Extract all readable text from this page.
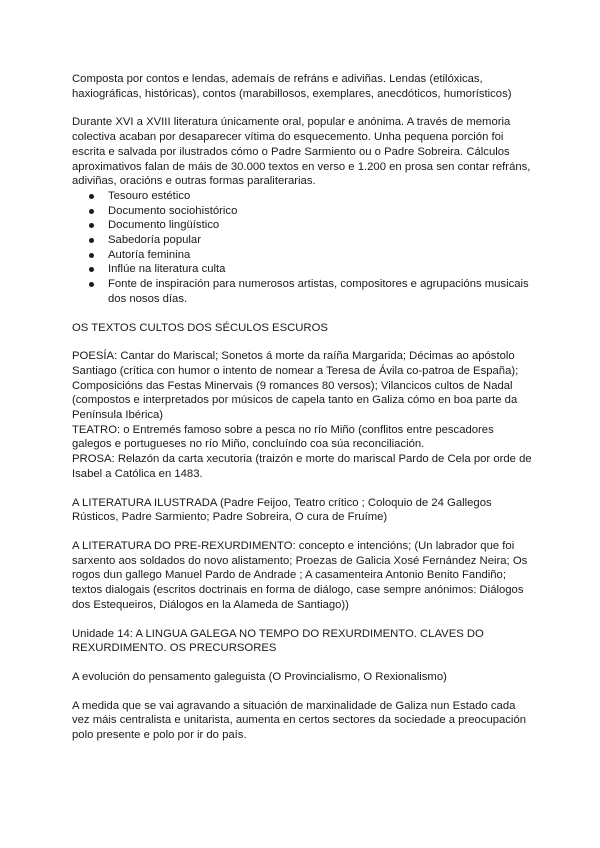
Composta por contos e lendas, ademaís de refráns e adiviñas. Lendas (etilóxicas, haxiográficas, históricas), contos (marabillosos, exemplares, anecdóticos, humorísticos)

Durante XVI a XVIII literatura únicamente oral, popular e anónima. A través de memoria colectiva acaban por desaparecer vítima do esquecemento. Unha pequena porción foi escrita e salvada por ilustrados cómo o Padre Sarmiento ou o Padre Sobreira. Cálculos aproximativos falan de máis de 30.000 textos en verso e 1.200 en prosa sen contar refráns, adiviñas, oracións e outras formas paraliterarias.

Tesouro estético
Documento sociohistórico
Documento lingüístico
Sabedoría popular
Autoría feminina
Inflúe na literatura culta
Fonte de inspiración para numerosos artistas, compositores e agrupacións musicais dos nosos días.

OS TEXTOS CULTOS DOS SÉCULOS ESCUROS

POESÍA: Cantar do Mariscal; Sonetos á morte da raíña Margarida; Décimas ao apóstolo Santiago (crítica con humor o intento de nomear a Teresa de Ávila co-patroa de España); Composicións das Festas Minervais (9 romances 80 versos); Vilancicos cultos de Nadal (compostos e interpretados por músicos de capela tanto en Galiza cómo en boa parte da Península Ibérica)

TEATRO: o Entremés famoso sobre a pesca no río Miño (conflitos entre pescadores galegos e portugueses no río Miño, concluíndo coa súa reconciliación.

PROSA: Relazón da carta xecutoria (traizón e morte do mariscal Pardo de Cela por orde de Isabel a Católica en 1483.

A LITERATURA ILUSTRADA (Padre Feijoo, Teatro crítico ; Coloquio de 24 Gallegos Rústicos, Padre Sarmiento; Padre Sobreira, O cura de Fruíme)

A LITERATURA DO PRE-REXURDIMENTO: concepto e intencións; (Un labrador que foi sarxento aos soldados do novo alistamento; Proezas de Galicia Xosé Fernández Neira; Os rogos dun gallego Manuel Pardo de Andrade ; A casamenteira Antonio Benito Fandiño; textos dialogais (escritos doctrinais en forma de diálogo, case sempre anónimos: Diálogos dos Estequeiros, Diálogos en la Alameda de Santiago))

Unidade 14: A LINGUA GALEGA NO TEMPO DO REXURDIMENTO. CLAVES DO REXURDIMENTO. OS PRECURSORES

A evolución do pensamento galeguista (O Provincialismo, O Rexionalismo)

A medida que se vai agravando a situación de marxinalidade de Galiza nun Estado cada vez máis centralista e unitarista, aumenta en certos sectores da sociedade a preocupación polo presente e polo por ir do país.
